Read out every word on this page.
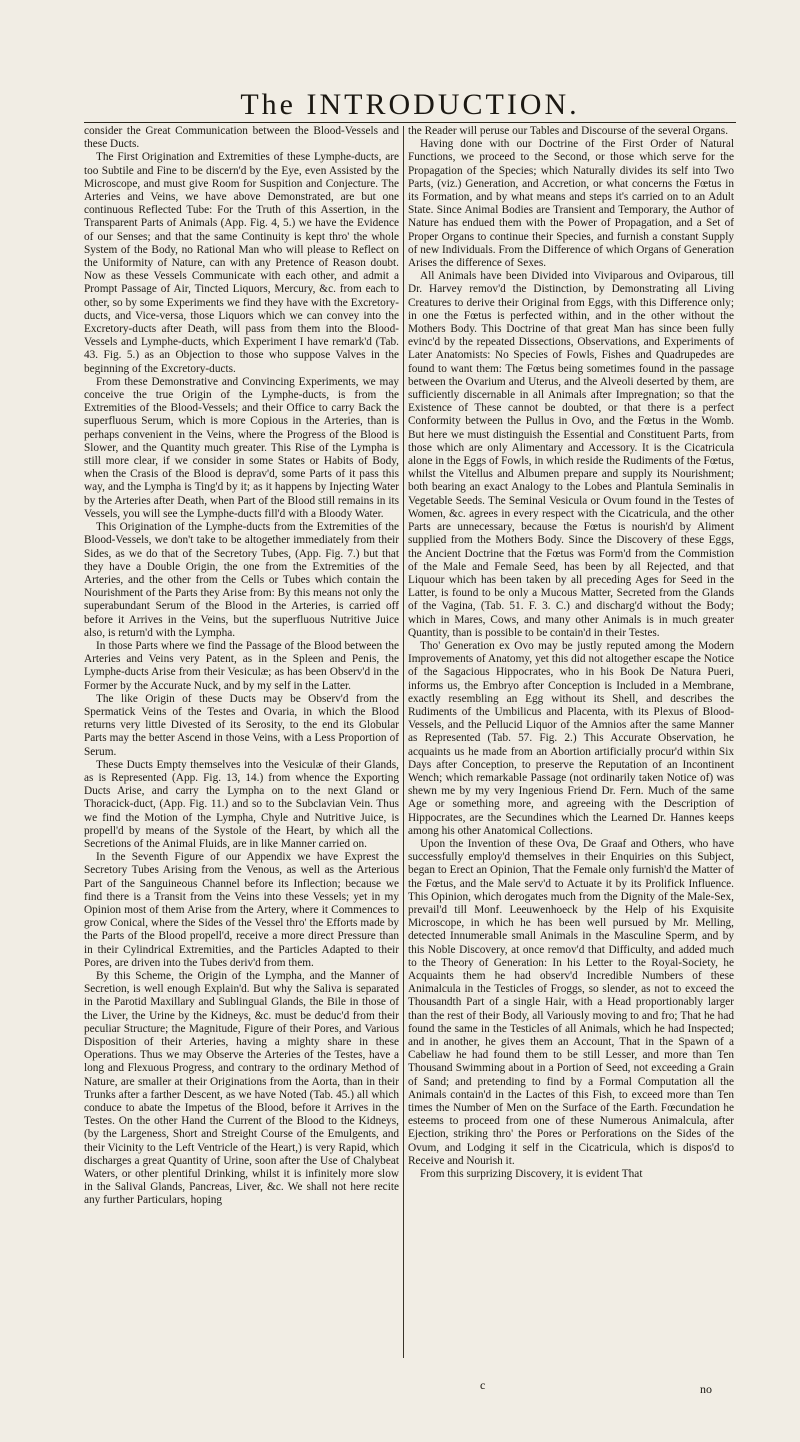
The INTRODUCTION.

consider the Great Communication between the Blood-Vessels and these Ducts.

The First Origination and Extremities of these Lymphe-ducts, are too Subtile and Fine to be discern'd by the Eye, even Assisted by the Microscope, and must give Room for Suspition and Conjecture. The Arteries and Veins, we have above Demonstrated, are but one continuous Reflected Tube: For the Truth of this Assertion, in the Transparent Parts of Animals (App. Fig. 4, 5.) we have the Evidence of our Senses; and that the same Continuity is kept thro' the whole System of the Body, no Rational Man who will please to Reflect on the Uniformity of Nature, can with any Pretence of Reason doubt. Now as these Vessels Communicate with each other, and admit a Prompt Passage of Air, Tincted Liquors, Mercury, &c. from each to other, so by some Experiments we find they have with the Excretory-ducts, and Vice-versa, those Liquors which we can convey into the Excretory-ducts after Death, will pass from them into the Blood-Vessels and Lymphe-ducts, which Experiment I have remark'd (Tab. 43. Fig. 5.) as an Objection to those who suppose Valves in the beginning of the Excretory-ducts.

From these Demonstrative and Convincing Experiments, we may conceive the true Origin of the Lymphe-ducts, is from the Extremities of the Blood-Vessels; and their Office to carry Back the superfluous Serum, which is more Copious in the Arteries, than is perhaps convenient in the Veins, where the Progress of the Blood is Slower, and the Quantity much greater. This Rise of the Lympha is still more clear, if we consider in some States or Habits of Body, when the Crasis of the Blood is deprav'd, some Parts of it pass this way, and the Lympha is Ting'd by it; as it happens by Injecting Water by the Arteries after Death, when Part of the Blood still remains in its Vessels, you will see the Lymphe-ducts fill'd with a Bloody Water.

This Origination of the Lymphe-ducts from the Extremities of the Blood-Vessels, we don't take to be altogether immediately from their Sides, as we do that of the Secretory Tubes, (App. Fig. 7.) but that they have a Double Origin, the one from the Extremities of the Arteries, and the other from the Cells or Tubes which contain the Nourishment of the Parts they Arise from: By this means not only the superabundant Serum of the Blood in the Arteries, is carried off before it Arrives in the Veins, but the superfluous Nutritive Juice also, is return'd with the Lympha.

In those Parts where we find the Passage of the Blood between the Arteries and Veins very Patent, as in the Spleen and Penis, the Lymphe-ducts Arise from their Vesiculæ; as has been Observ'd in the Former by the Accurate Nuck, and by my self in the Latter.

The like Origin of these Ducts may be Observ'd from the Spermatick Veins of the Testes and Ovaria, in which the Blood returns very little Divested of its Serosity, to the end its Globular Parts may the better Ascend in those Veins, with a Less Proportion of Serum.

These Ducts Empty themselves into the Vesiculæ of their Glands, as is Represented (App. Fig. 13, 14.) from whence the Exporting Ducts Arise, and carry the Lympha on to the next Gland or Thoracick-duct, (App. Fig. 11.) and so to the Subclavian Vein. Thus we find the Motion of the Lympha, Chyle and Nutritive Juice, is propell'd by means of the Systole of the Heart, by which all the Secretions of the Animal Fluids, are in like Manner carried on.

In the Seventh Figure of our Appendix we have Exprest the Secretory Tubes Arising from the Venous, as well as the Arterious Part of the Sanguineous Channel before its Inflection; because we find there is a Transit from the Veins into these Vessels; yet in my Opinion most of them Arise from the Artery, where it Commences to grow Conical, where the Sides of the Vessel thro' the Efforts made by the Parts of the Blood propell'd, receive a more direct Pressure than in their Cylindrical Extremities, and the Particles Adapted to their Pores, are driven into the Tubes deriv'd from them.

By this Scheme, the Origin of the Lympha, and the Manner of Secretion, is well enough Explain'd. But why the Saliva is separated in the Parotid Maxillary and Sublingual Glands, the Bile in those of the Liver, the Urine by the Kidneys, &c. must be deduc'd from their peculiar Structure; the Magnitude, Figure of their Pores, and Various Disposition of their Arteries, having a mighty share in these Operations. Thus we may Observe the Arteries of the Testes, have a long and Flexuous Progress, and contrary to the ordinary Method of Nature, are smaller at their Originations from the Aorta, than in their Trunks after a farther Descent, as we have Noted (Tab. 45.) all which conduce to abate the Impetus of the Blood, before it Arrives in the Testes. On the other Hand the Current of the Blood to the Kidneys, (by the Largeness, Short and Streight Course of the Emulgents, and their Vicinity to the Left Ventricle of the Heart,) is very Rapid, which discharges a great Quantity of Urine, soon after the Use of Chalybeat Waters, or other plentiful Drinking, whilst it is infinitely more slow in the Salival Glands, Pancreas, Liver, &c. We shall not here recite any further Particulars, hoping

the Reader will peruse our Tables and Discourse of the several Organs.

Having done with our Doctrine of the First Order of Natural Functions, we proceed to the Second, or those which serve for the Propagation of the Species; which Naturally divides its self into Two Parts, (viz.) Generation, and Accretion, or what concerns the Fœtus in its Formation, and by what means and steps it's carried on to an Adult State. Since Animal Bodies are Transient and Temporary, the Author of Nature has endued them with the Power of Propagation, and a Set of Proper Organs to continue their Species, and furnish a constant Supply of new Individuals. From the Difference of which Organs of Generation Arises the difference of Sexes.

All Animals have been Divided into Viviparous and Oviparous, till Dr. Harvey remov'd the Distinction, by Demonstrating all Living Creatures to derive their Original from Eggs, with this Difference only; in one the Fœtus is perfected within, and in the other without the Mothers Body. This Doctrine of that great Man has since been fully evinc'd by the repeated Dissections, Observations, and Experiments of Later Anatomists: No Species of Fowls, Fishes and Quadrupedes are found to want them: The Fœtus being sometimes found in the passage between the Ovarium and Uterus, and the Alveoli deserted by them, are sufficiently discernable in all Animals after Impregnation; so that the Existence of These cannot be doubted, or that there is a perfect Conformity between the Pullus in Ovo, and the Fœtus in the Womb. But here we must distinguish the Essential and Constituent Parts, from those which are only Alimentary and Accessory. It is the Cicatricula alone in the Eggs of Fowls, in which reside the Rudiments of the Fœtus, whilst the Vitellus and Albumen prepare and supply its Nourishment; both bearing an exact Analogy to the Lobes and Plantula Seminalis in Vegetable Seeds. The Seminal Vesicula or Ovum found in the Testes of Women, &c. agrees in every respect with the Cicatricula, and the other Parts are unnecessary, because the Fœtus is nourish'd by Aliment supplied from the Mothers Body. Since the Discovery of these Eggs, the Ancient Doctrine that the Fœtus was Form'd from the Commistion of the Male and Female Seed, has been by all Rejected, and that Liquour which has been taken by all preceding Ages for Seed in the Latter, is found to be only a Mucous Matter, Secreted from the Glands of the Vagina, (Tab. 51. F. 3. C.) and discharg'd without the Body; which in Mares, Cows, and many other Animals is in much greater Quantity, than is possible to be contain'd in their Testes.

Tho' Generation ex Ovo may be justly reputed among the Modern Improvements of Anatomy, yet this did not altogether escape the Notice of the Sagacious Hippocrates, who in his Book De Natura Pueri, informs us, the Embryo after Conception is Included in a Membrane, exactly resembling an Egg without its Shell, and describes the Rudiments of the Umbilicus and Placenta, with its Plexus of Blood-Vessels, and the Pellucid Liquor of the Amnios after the same Manner as Represented (Tab. 57. Fig. 2.) This Accurate Observation, he acquaints us he made from an Abortion artificially procur'd within Six Days after Conception, to preserve the Reputation of an Incontinent Wench; which remarkable Passage (not ordinarily taken Notice of) was shewn me by my very Ingenious Friend Dr. Fern. Much of the same Age or something more, and agreeing with the Description of Hippocrates, are the Secundines which the Learned Dr. Hannes keeps among his other Anatomical Collections.

Upon the Invention of these Ova, De Graaf and Others, who have successfully employ'd themselves in their Enquiries on this Subject, began to Erect an Opinion, That the Female only furnish'd the Matter of the Fœtus, and the Male serv'd to Actuate it by its Prolifick Influence. This Opinion, which derogates much from the Dignity of the Male-Sex, prevail'd till Monf. Leeuwenhoeck by the Help of his Exquisite Microscope, in which he has been well pursued by Mr. Melling, detected Innumerable small Animals in the Masculine Sperm, and by this Noble Discovery, at once remov'd that Difficulty, and added much to the Theory of Generation: In his Letter to the Royal-Society, he Acquaints them he had observ'd Incredible Numbers of these Animalcula in the Testicles of Froggs, so slender, as not to exceed the Thousandth Part of a single Hair, with a Head proportionably larger than the rest of their Body, all Variously moving to and fro; That he had found the same in the Testicles of all Animals, which he had Inspected; and in another, he gives them an Account, That in the Spawn of a Cabeliaw he had found them to be still Lesser, and more than Ten Thousand Swimming about in a Portion of Seed, not exceeding a Grain of Sand; and pretending to find by a Formal Computation all the Animals contain'd in the Lactes of this Fish, to exceed more than Ten times the Number of Men on the Surface of the Earth. Fœcundation he esteems to proceed from one of these Numerous Animalcula, after Ejection, striking thro' the Pores or Perforations on the Sides of the Ovum, and Lodging it self in the Cicatricula, which is dispos'd to Receive and Nourish it.

From this surprizing Discovery, it is evident That

c	no
